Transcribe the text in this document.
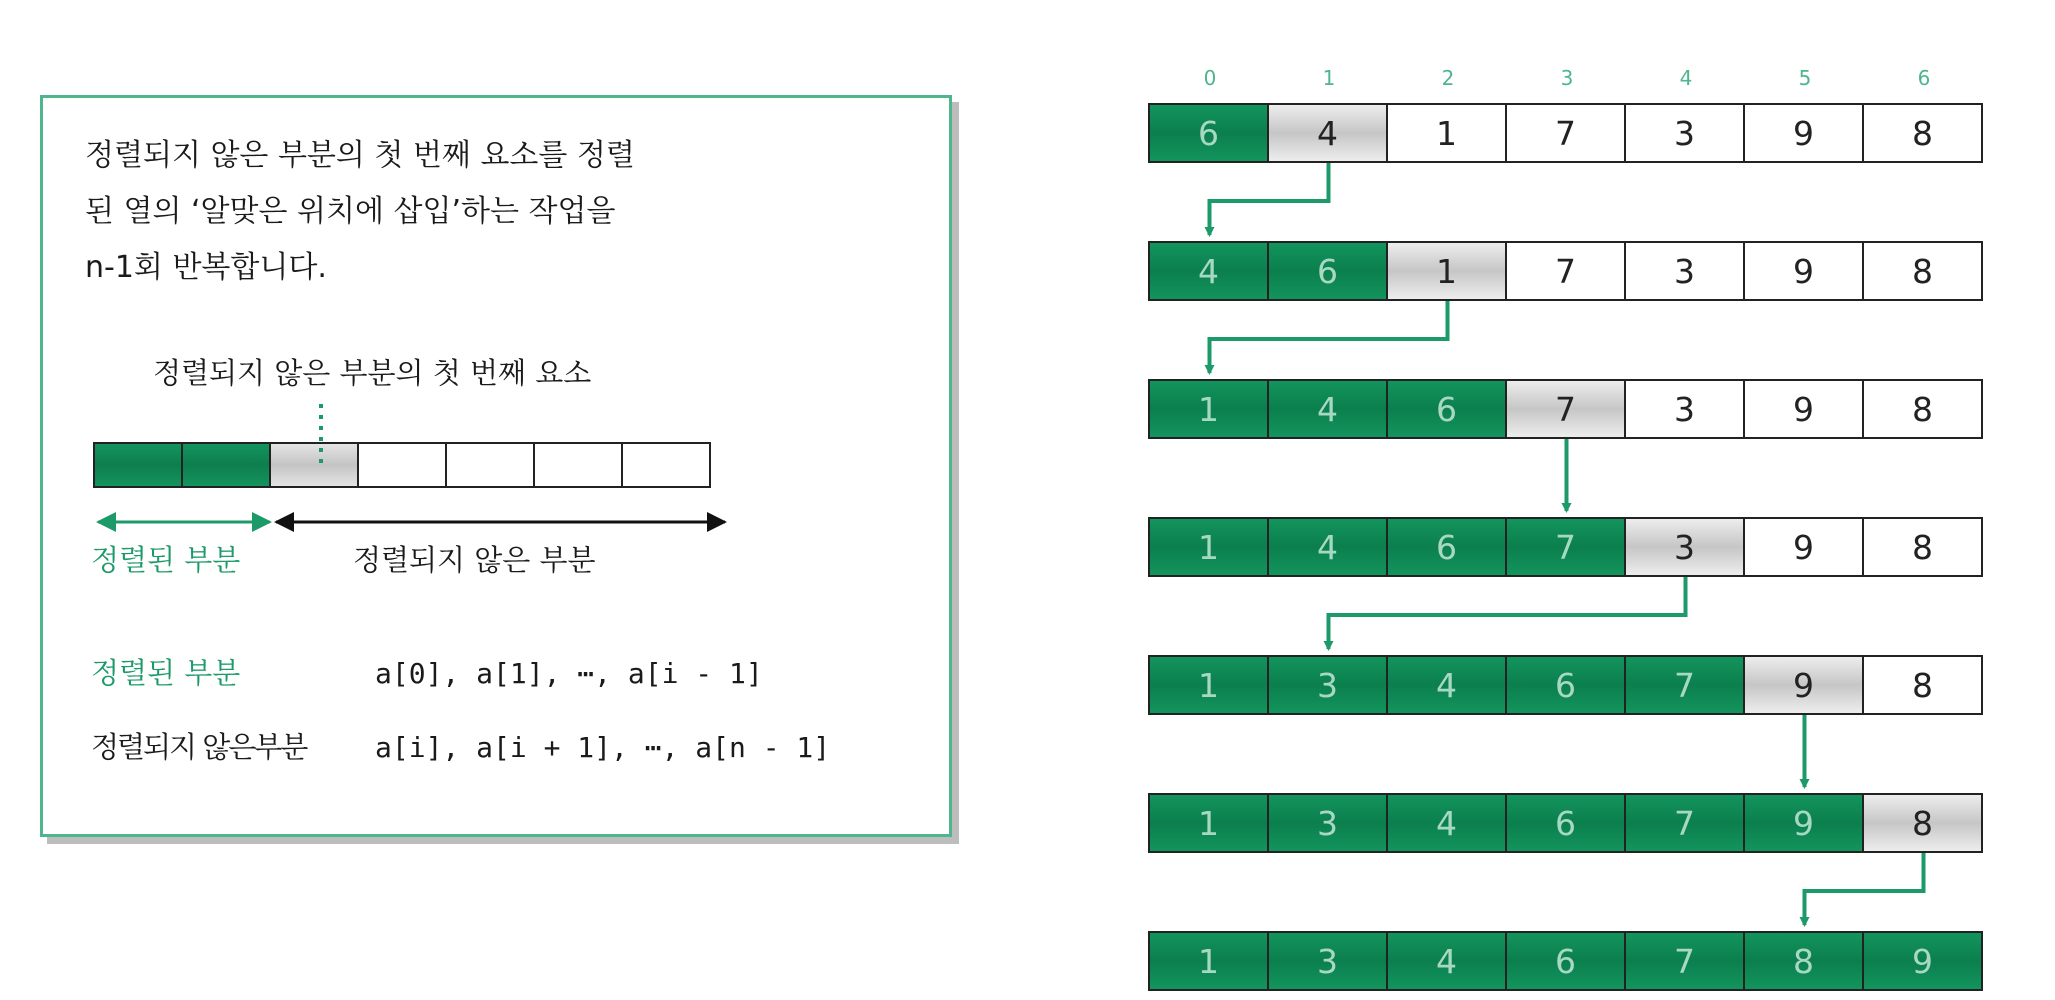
정렬되지 않은 부분의 첫 번째 요소를 정렬
된 열의 ‘알맞은 위치에 삽입’하는 작업을
n-1회 반복합니다.

정렬되지 않은 부분의 첫 번째 요소
정렬된 부분	정렬되지 않은 부분
정렬된 부분	a[0], a[1], ⋯, a[i - 1]
정렬되지 않은부분 a[i], a[i + 1], ⋯, a[n - 1]
0	1	2	3	4	5	6
6	4	1	7	3	9	8
4	6	1	7	3	9	8
1	4	6	7	3	9	8
1	4	6	7	3	9	8
1	3	4	6	7	9	8
1	3	4	6	7	9	8
1	3	4	6	7	8	9
